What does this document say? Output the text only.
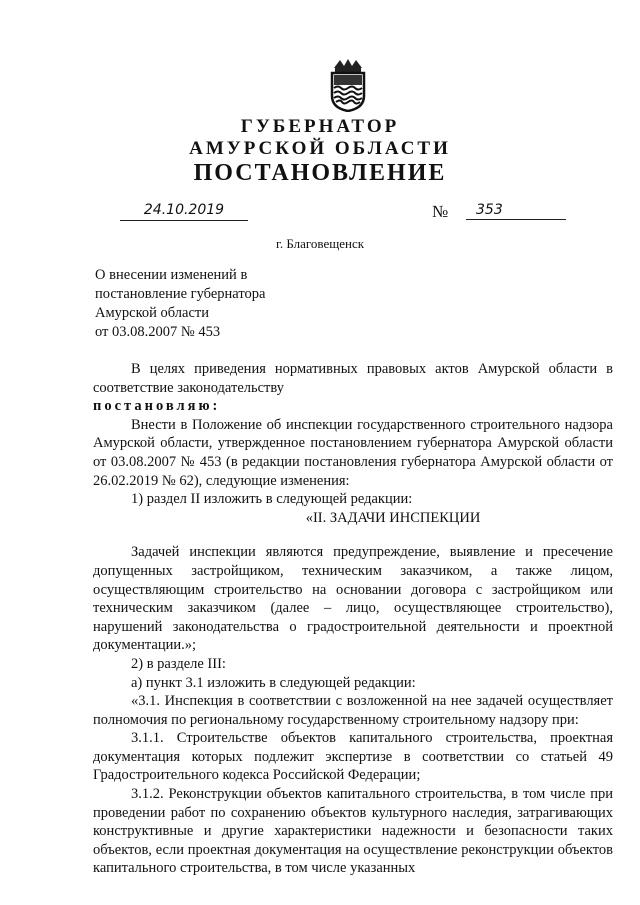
ГУБЕРНАТОР
АМУРСКОЙ ОБЛАСТИ
ПОСТАНОВЛЕНИЕ
24.10.2019	№	353
г. Благовещенск
О внесении изменений в
постановление губернатора
Амурской области
от 03.08.2007 № 453

В целях приведения нормативных правовых актов Амурской области в соответствие законодательству

постановляю:

Внести в Положение об инспекции государственного строительного надзора Амурской области, утвержденное постановлением губернатора Амурской области от 03.08.2007 № 453 (в редакции постановления губернатора Амурской области от 26.02.2019 № 62), следующие изменения:

1) раздел II изложить в следующей редакции:

«II. ЗАДАЧИ ИНСПЕКЦИИ

Задачей инспекции являются предупреждение, выявление и пресечение допущенных застройщиком, техническим заказчиком, а также лицом, осуществляющим строительство на основании договора с застройщиком или техническим заказчиком (далее – лицо, осуществляющее строительство), нарушений законодательства о градостроительной деятельности и проектной документации.»;

2) в разделе III:

а) пункт 3.1 изложить в следующей редакции:

«3.1. Инспекция в соответствии с возложенной на нее задачей осуществляет полномочия по региональному государственному строительному надзору при:

3.1.1. Строительстве объектов капитального строительства, проектная документация которых подлежит экспертизе в соответствии со статьей 49 Градостроительного кодекса Российской Федерации;

3.1.2. Реконструкции объектов капитального строительства, в том числе при проведении работ по сохранению объектов культурного наследия, затрагивающих конструктивные и другие характеристики надежности и безопасности таких объектов, если проектная документация на осуществление реконструкции объектов капитального строительства, в том числе указанных
